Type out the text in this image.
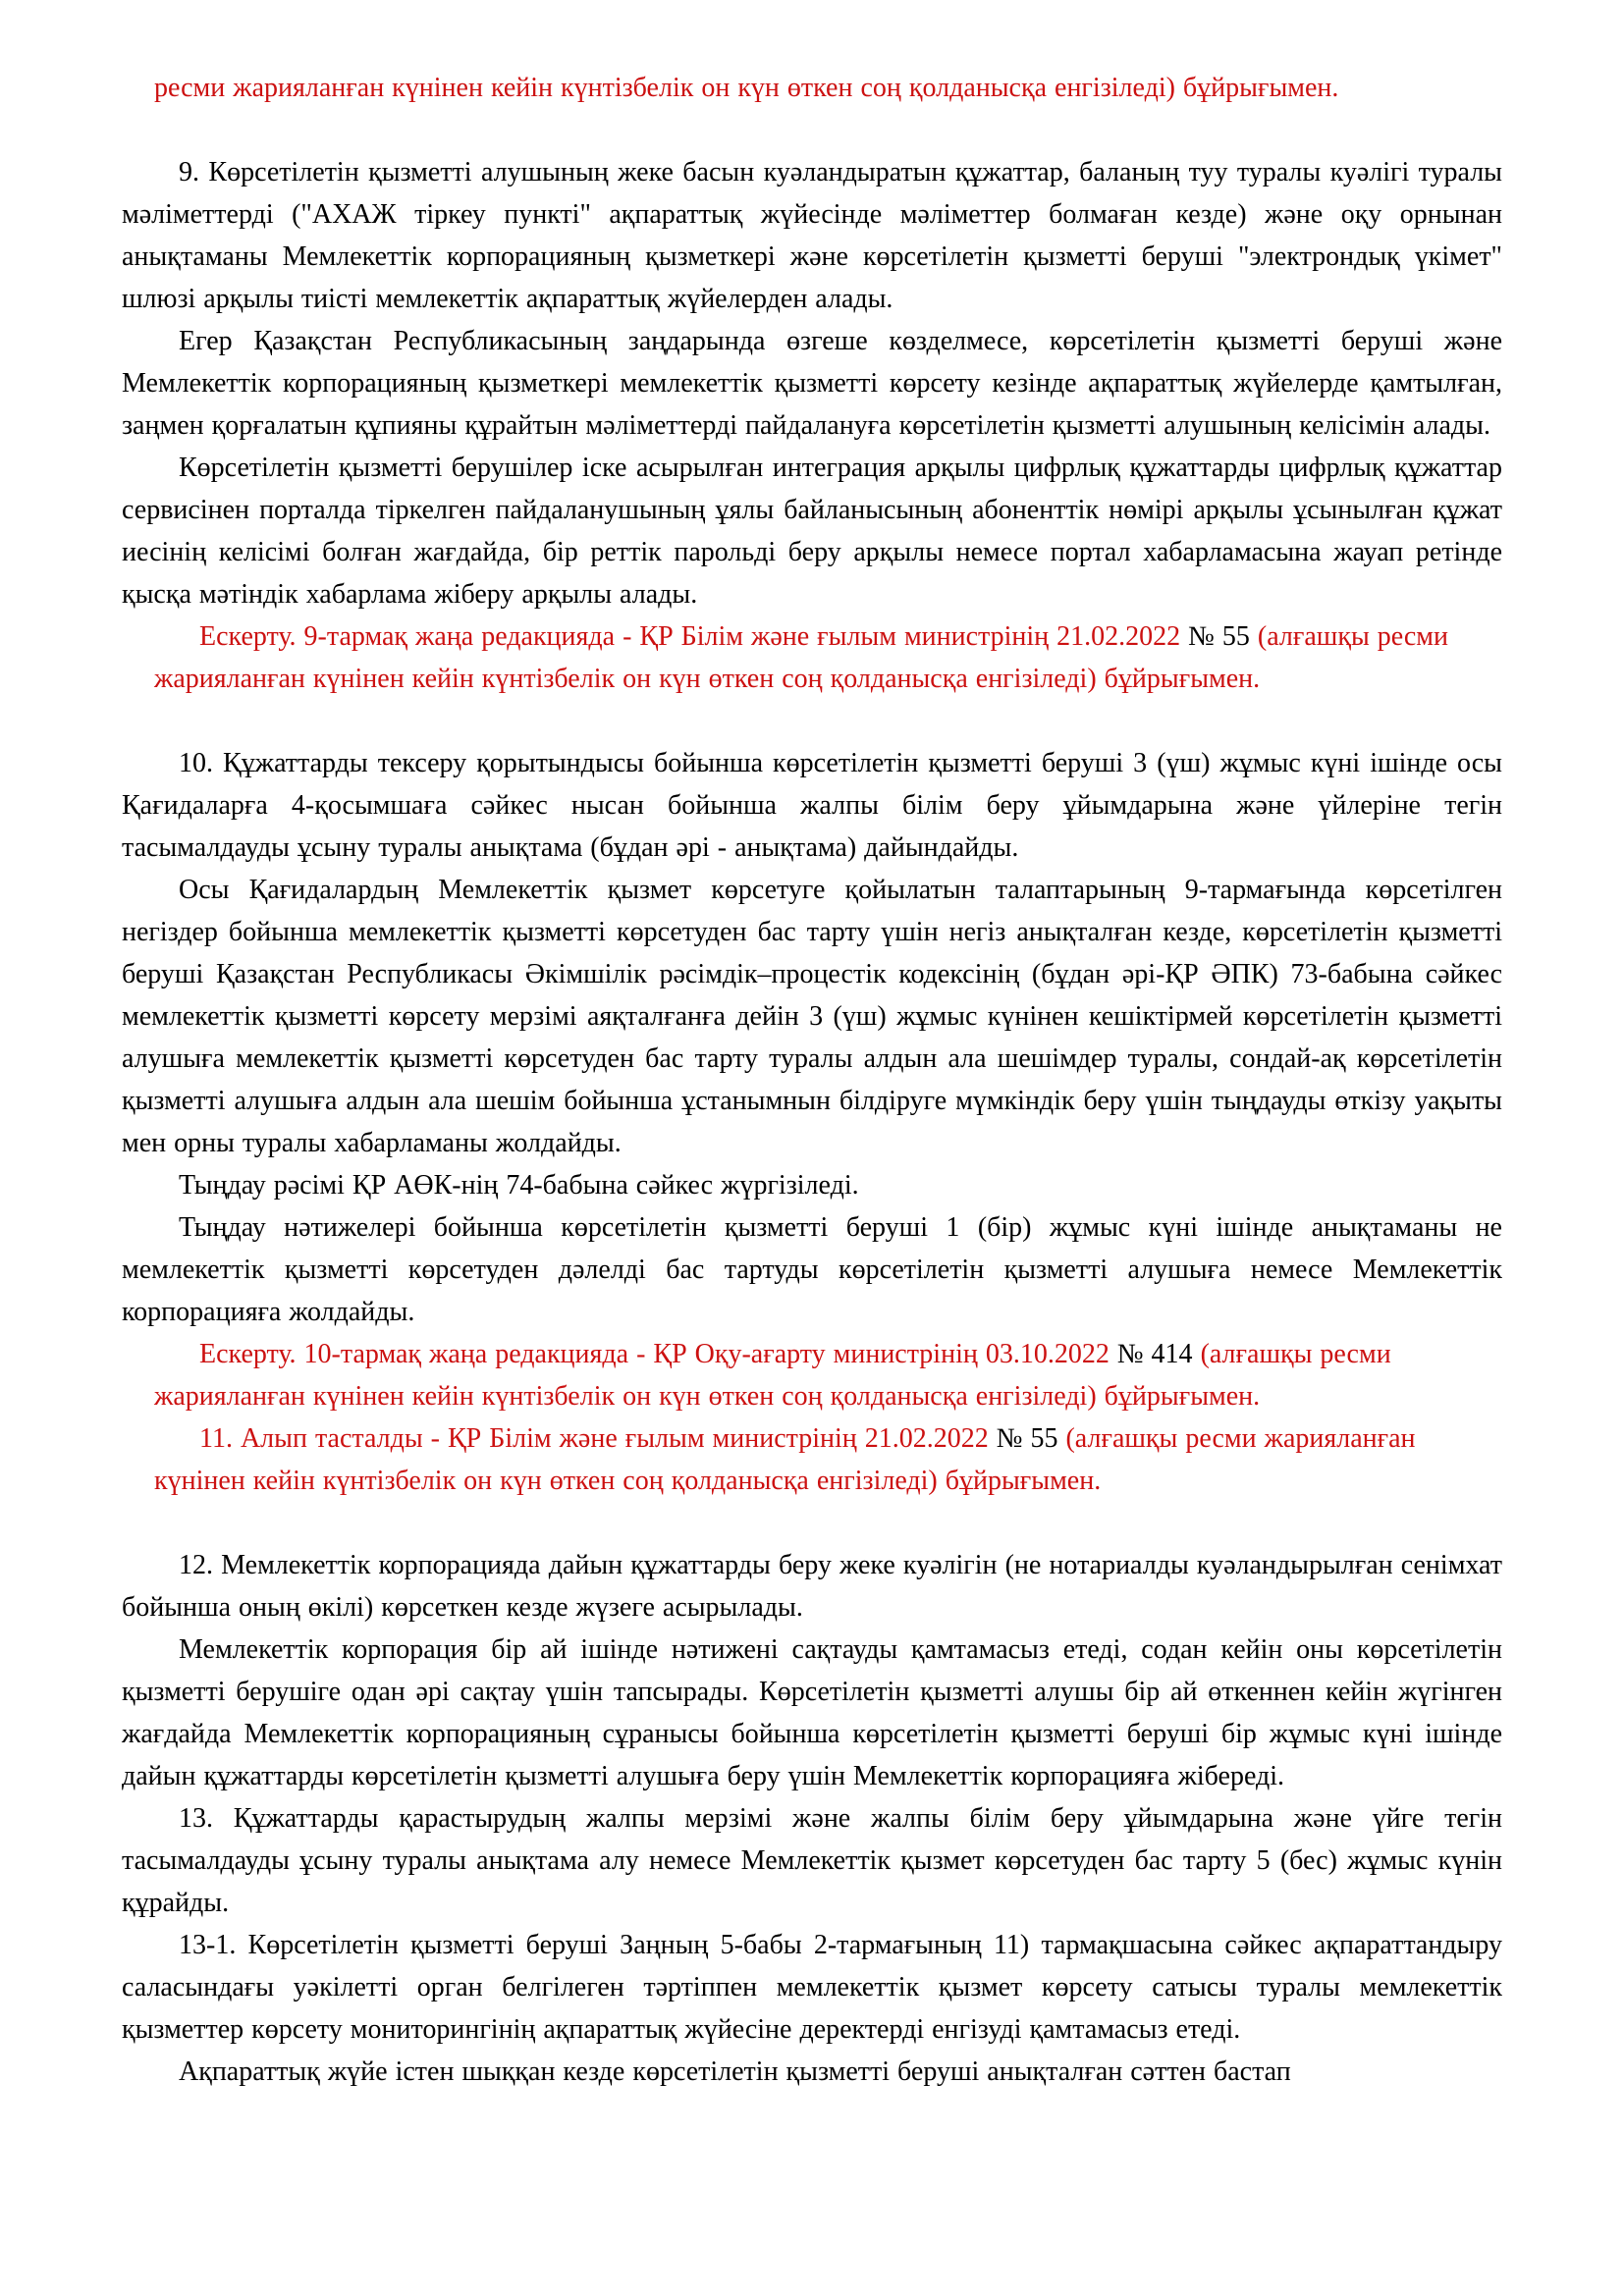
ресми жарияланған күнінен кейін күнтізбелік он күн өткен соң қолданысқа енгізіледі) бұйрығымен.

9. Көрсетілетін қызметті алушының жеке басын куәландыратын құжаттар, баланың туу туралы куәлігі туралы мәліметтерді ("АХАЖ тіркеу пункті" ақпараттық жүйесінде мәліметтер болмаған кезде) және оқу орнынан анықтаманы Мемлекеттік корпорацияның қызметкері және көрсетілетін қызметті беруші "электрондық үкімет" шлюзі арқылы тиісті мемлекеттік ақпараттық жүйелерден алады.

Егер Қазақстан Республикасының заңдарында өзгеше көзделмесе, көрсетілетін қызметті беруші және Мемлекеттік корпорацияның қызметкері мемлекеттік қызметті көрсету кезінде ақпараттық жүйелерде қамтылған, заңмен қорғалатын құпияны құрайтын мәліметтерді пайдалануға көрсетілетін қызметті алушының келісімін алады.

Көрсетілетін қызметті берушілер іске асырылған интеграция арқылы цифрлық құжаттарды цифрлық құжаттар сервисінен порталда тіркелген пайдаланушының ұялы байланысының абоненттік нөмірі арқылы ұсынылған құжат иесінің келісімі болған жағдайда, бір реттік парольді беру арқылы немесе портал хабарламасына жауап ретінде қысқа мәтіндік хабарлама жіберу арқылы алады.

Ескерту. 9-тармақ жаңа редакцияда - ҚР Білім және ғылым министрінің 21.02.2022 № 55 (алғашқы ресми жарияланған күнінен кейін күнтізбелік он күн өткен соң қолданысқа енгізіледі) бұйрығымен.

10. Құжаттарды тексеру қорытындысы бойынша көрсетілетін қызметті беруші 3 (үш) жұмыс күні ішінде осы Қағидаларға 4-қосымшаға сәйкес нысан бойынша жалпы білім беру ұйымдарына және үйлеріне тегін тасымалдауды ұсыну туралы анықтама (бұдан әрі - анықтама) дайындайды.

Осы Қағидалардың Мемлекеттік қызмет көрсетуге қойылатын талаптарының 9-тармағында көрсетілген негіздер бойынша мемлекеттік қызметті көрсетуден бас тарту үшін негіз анықталған кезде, көрсетілетін қызметті беруші Қазақстан Республикасы Әкімшілік рәсімдік–процестік кодексінің (бұдан әрі-ҚР ӘПК) 73-бабына сәйкес мемлекеттік қызметті көрсету мерзімі аяқталғанға дейін 3 (үш) жұмыс күнінен кешіктірмей көрсетілетін қызметті алушыға мемлекеттік қызметті көрсетуден бас тарту туралы алдын ала шешімдер туралы, сондай-ақ көрсетілетін қызметті алушыға алдын ала шешім бойынша ұстанымнын білдіруге мүмкіндік беру үшін тыңдауды өткізу уақыты мен орны туралы хабарламаны жолдайды.

Тыңдау рәсімі ҚР АӨК-нің 74-бабына сәйкес жүргізіледі.

Тыңдау нәтижелері бойынша көрсетілетін қызметті беруші 1 (бір) жұмыс күні ішінде анықтаманы не мемлекеттік қызметті көрсетуден дәлелді бас тартуды көрсетілетін қызметті алушыға немесе Мемлекеттік корпорацияға жолдайды.

Ескерту. 10-тармақ жаңа редакцияда - ҚР Оқу-ағарту министрінің 03.10.2022 № 414 (алғашқы ресми жарияланған күнінен кейін күнтізбелік он күн өткен соң қолданысқа енгізіледі) бұйрығымен.

11. Алып тасталды - ҚР Білім және ғылым министрінің 21.02.2022 № 55 (алғашқы ресми жарияланған күнінен кейін күнтізбелік он күн өткен соң қолданысқа енгізіледі) бұйрығымен.

12. Мемлекеттік корпорацияда дайын құжаттарды беру жеке куәлігін (не нотариалды куәландырылған сенімхат бойынша оның өкілі) көрсеткен кезде жүзеге асырылады.

Мемлекеттік корпорация бір ай ішінде нәтижені сақтауды қамтамасыз етеді, содан кейін оны көрсетілетін қызметті берушіге одан әрі сақтау үшін тапсырады. Көрсетілетін қызметті алушы бір ай өткеннен кейін жүгінген жағдайда Мемлекеттік корпорацияның сұранысы бойынша көрсетілетін қызметті беруші бір жұмыс күні ішінде дайын құжаттарды көрсетілетін қызметті алушыға беру үшін Мемлекеттік корпорацияға жібереді.

13. Құжаттарды қарастырудың жалпы мерзімі және жалпы білім беру ұйымдарына және үйге тегін тасымалдауды ұсыну туралы анықтама алу немесе Мемлекеттік қызмет көрсетуден бас тарту 5 (бес) жұмыс күнін құрайды.

13-1. Көрсетілетін қызметті беруші Заңның 5-бабы 2-тармағының 11) тармақшасына сәйкес ақпараттандыру саласындағы уәкілетті орган белгілеген тәртіппен мемлекеттік қызмет көрсету сатысы туралы мемлекеттік қызметтер көрсету мониторингінің ақпараттық жүйесіне деректерді енгізуді қамтамасыз етеді.

Ақпараттық жүйе істен шыққан кезде көрсетілетін қызметті беруші анықталған сәттен бастап
